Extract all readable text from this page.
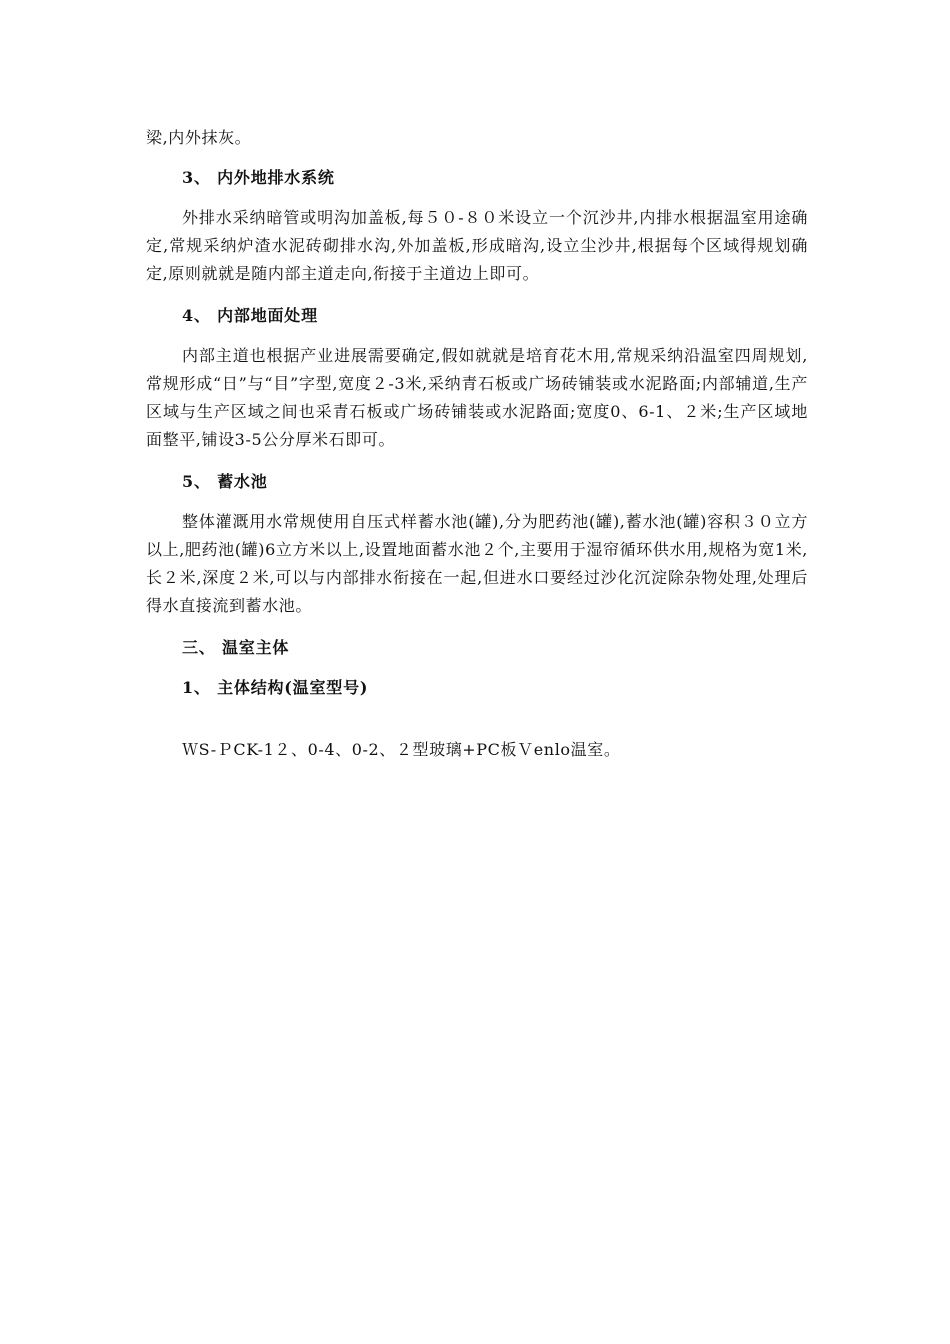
梁,内外抹灰。

3、 内外地排水系统

外排水采纳暗管或明沟加盖板,每５０-８０米设立一个沉沙井,内排水根据温室用途确定,常规采纳炉渣水泥砖砌排水沟,外加盖板,形成暗沟,设立尘沙井,根据每个区域得规划确定,原则就就是随内部主道走向,衔接于主道边上即可。

4、 内部地面处理

内部主道也根据产业进展需要确定,假如就就是培育花木用,常规采纳沿温室四周规划,常规形成“日”与“目”字型,宽度２-3米,采纳青石板或广场砖铺装或水泥路面;内部辅道,生产区域与生产区域之间也采青石板或广场砖铺装或水泥路面;宽度0、6-1、２米;生产区域地面整平,铺设3-5公分厚米石即可。

5、 蓄水池

整体灌溉用水常规使用自压式样蓄水池(罐),分为肥药池(罐),蓄水池(罐)容积３０立方以上,肥药池(罐)6立方米以上,设置地面蓄水池２个,主要用于湿帘循环供水用,规格为宽1米,长２米,深度２米,可以与内部排水衔接在一起,但进水口要经过沙化沉淀除杂物处理,处理后得水直接流到蓄水池。

三、 温室主体
1、 主体结构(温室型号)

ＷS-ＰCK-1２、0-4、0-2、２型玻璃+PC板Ｖenlo温室。
